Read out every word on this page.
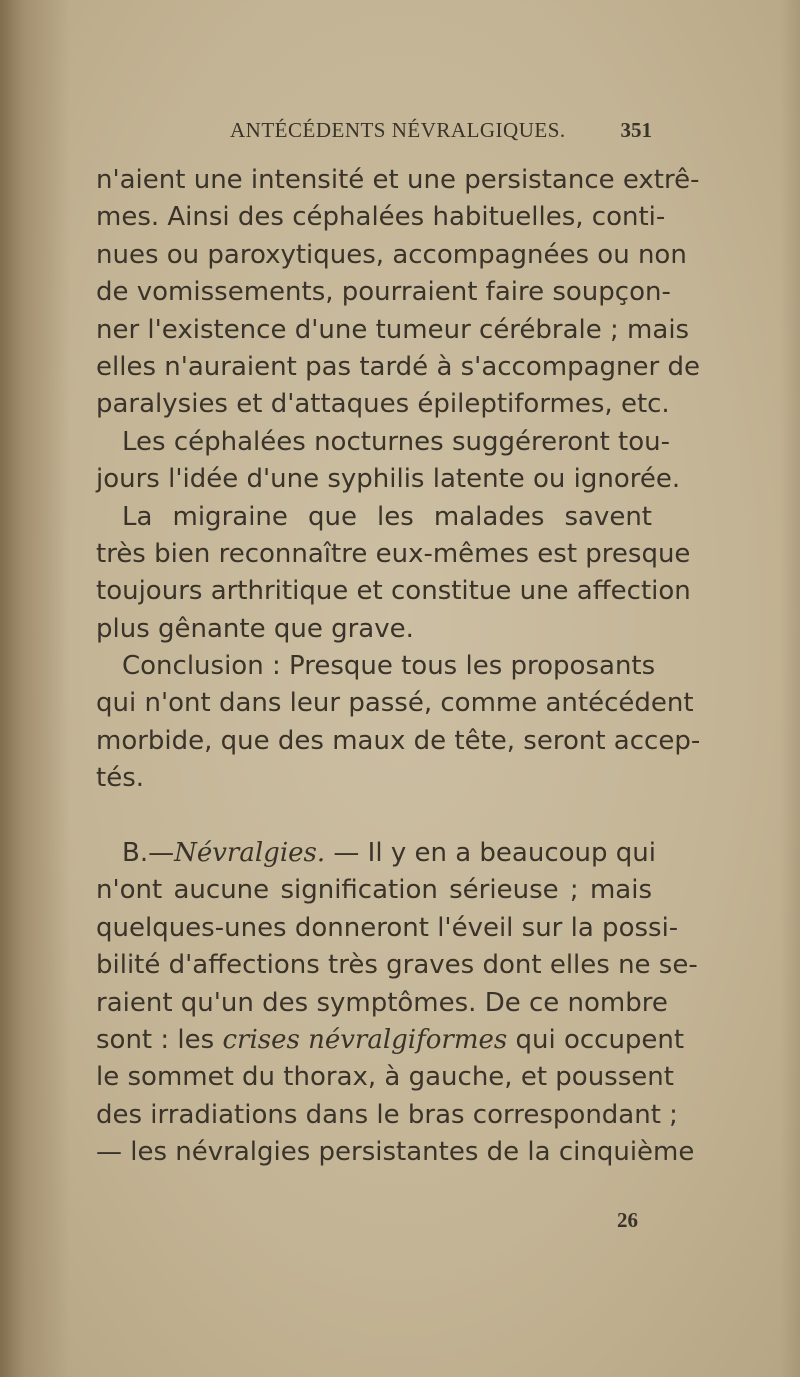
ANTÉCÉDENTS NÉVRALGIQUES.	351
n'aient une intensité et une persistance extrê-
mes. Ainsi des céphalées habituelles, conti-
nues ou paroxytiques, accompagnées ou non
de vomissements, pourraient faire soupçon-
ner l'existence d'une tumeur cérébrale ; mais
elles n'auraient pas tardé à s'accompagner de
paralysies et d'attaques épileptiformes, etc.
Les céphalées nocturnes suggéreront tou-
jours l'idée d'une syphilis latente ou ignorée.
La migraine que les malades savent
très bien reconnaître eux-mêmes est presque
toujours arthritique et constitue une affection
plus gênante que grave.
Conclusion : Presque tous les proposants
qui n'ont dans leur passé, comme antécédent
morbide, que des maux de tête, seront accep-
tés.
B.—Névralgies. — Il y en a beaucoup qui
n'ont aucune signification sérieuse ; mais
quelques-unes donneront l'éveil sur la possi-
bilité d'affections très graves dont elles ne se-
raient qu'un des symptômes. De ce nombre
sont : les crises névralgiformes qui occupent
le sommet du thorax, à gauche, et poussent
des irradiations dans le bras correspondant ;
— les névralgies persistantes de la cinquième
26
